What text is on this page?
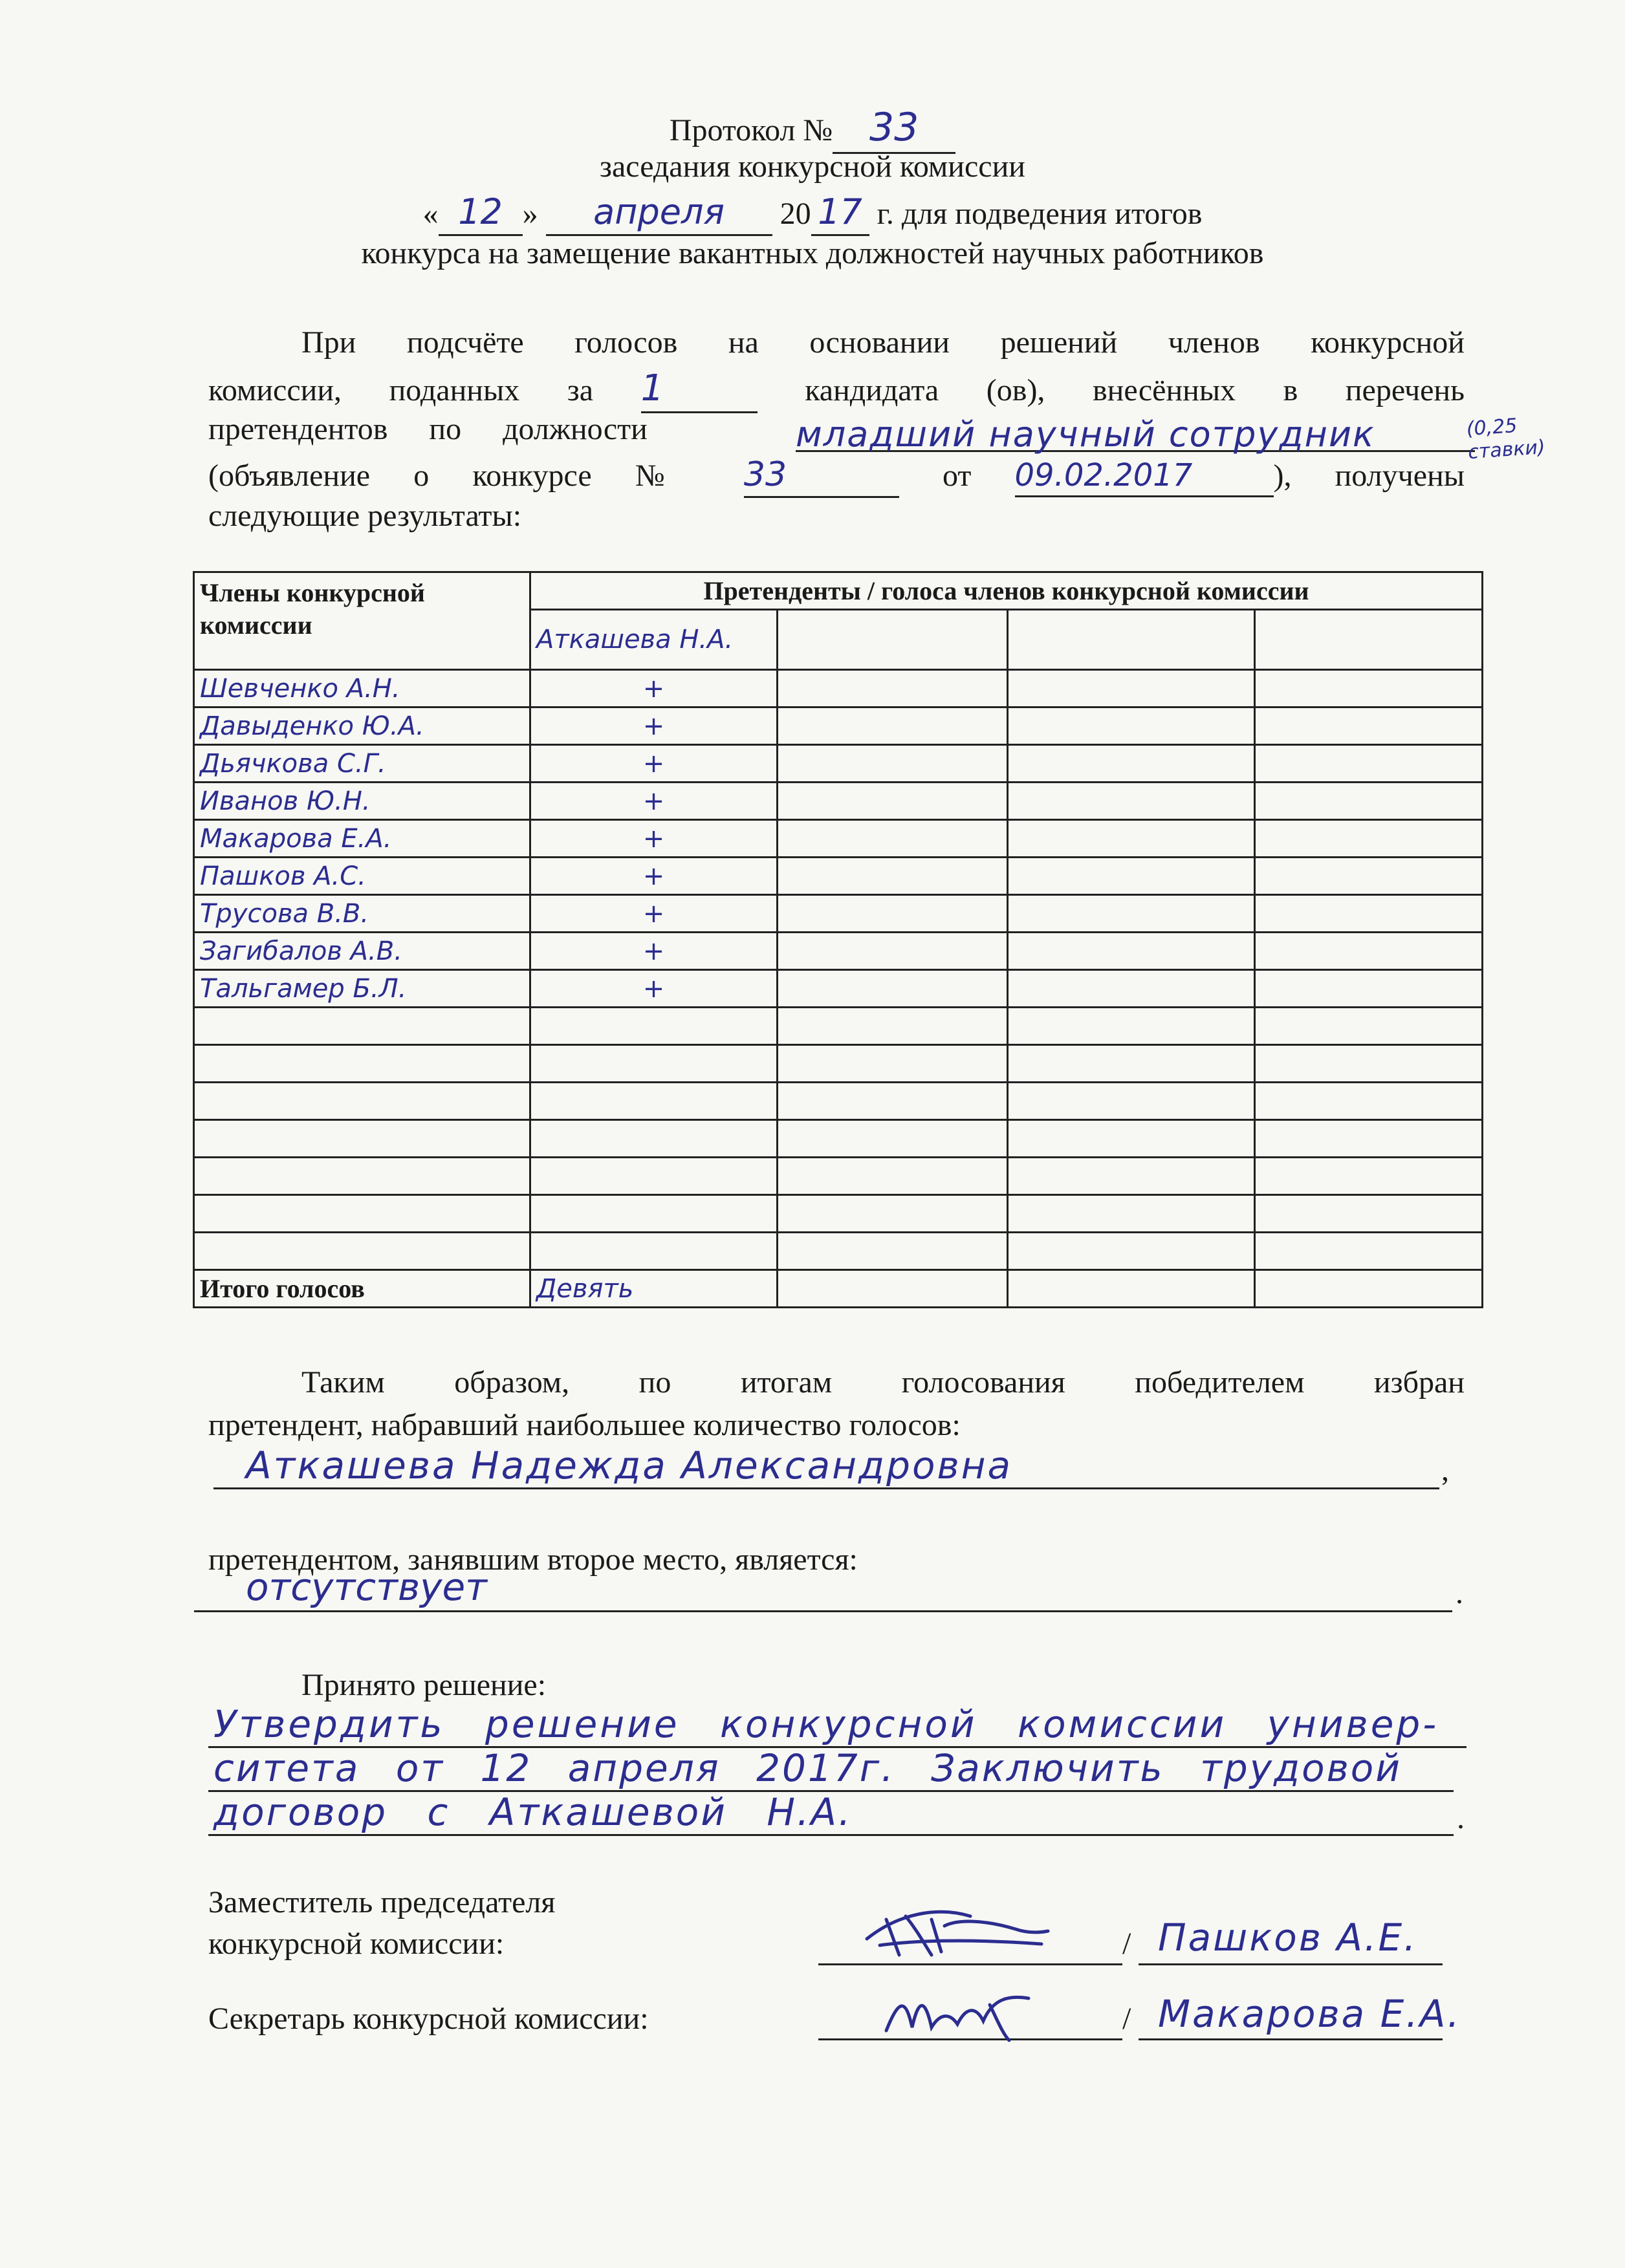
Протокол № 33
заседания конкурсной комиссии
« 12 » апреля 20 17 г. для подведения итогов
конкурса на замещение вакантных должностей научных работников
При подсчёте голосов на основании решений членов конкурсной
комиссии, поданных за 1	кандидата (ов), внесённых в перечень
претендентов по должности	младший научный сотрудник	(0,25 ставки)
(объявление о конкурсе № 33	от 09.02.2017	), получены
следующие результаты:
Члены конкурсной комиссии	Претенденты / голоса членов конкурсной комиссии			
	Аткашева Н.А.			
Шевченко А.Н.	+			
Давыденко Ю.А.	+			
Дьячкова С.Г.	+			
Иванов Ю.Н.	+			
Макарова Е.А.	+			
Пашков А.С.	+			
Трусова В.В.	+			
Загибалов А.В.	+			
Тальгамер Б.Л.	+			

Итого голосов	Девять			
Таким образом, по итогам голосования победителем избран
претендент, набравший наибольшее количество голосов:
Аткашева Надежда Александровна	,
претендентом, занявшим второе место, является:
отсутствует	.
Принято решение:
Утвердить решение конкурсной комиссии универ-
ситета от 12 апреля 2017г. Заключить трудовой
договор с Аткашевой Н.А.	.
Заместитель председателя
конкурсной комиссии:	/ Пашков А.Е.
Секретарь конкурсной комиссии:	/ Макарова Е.А.
